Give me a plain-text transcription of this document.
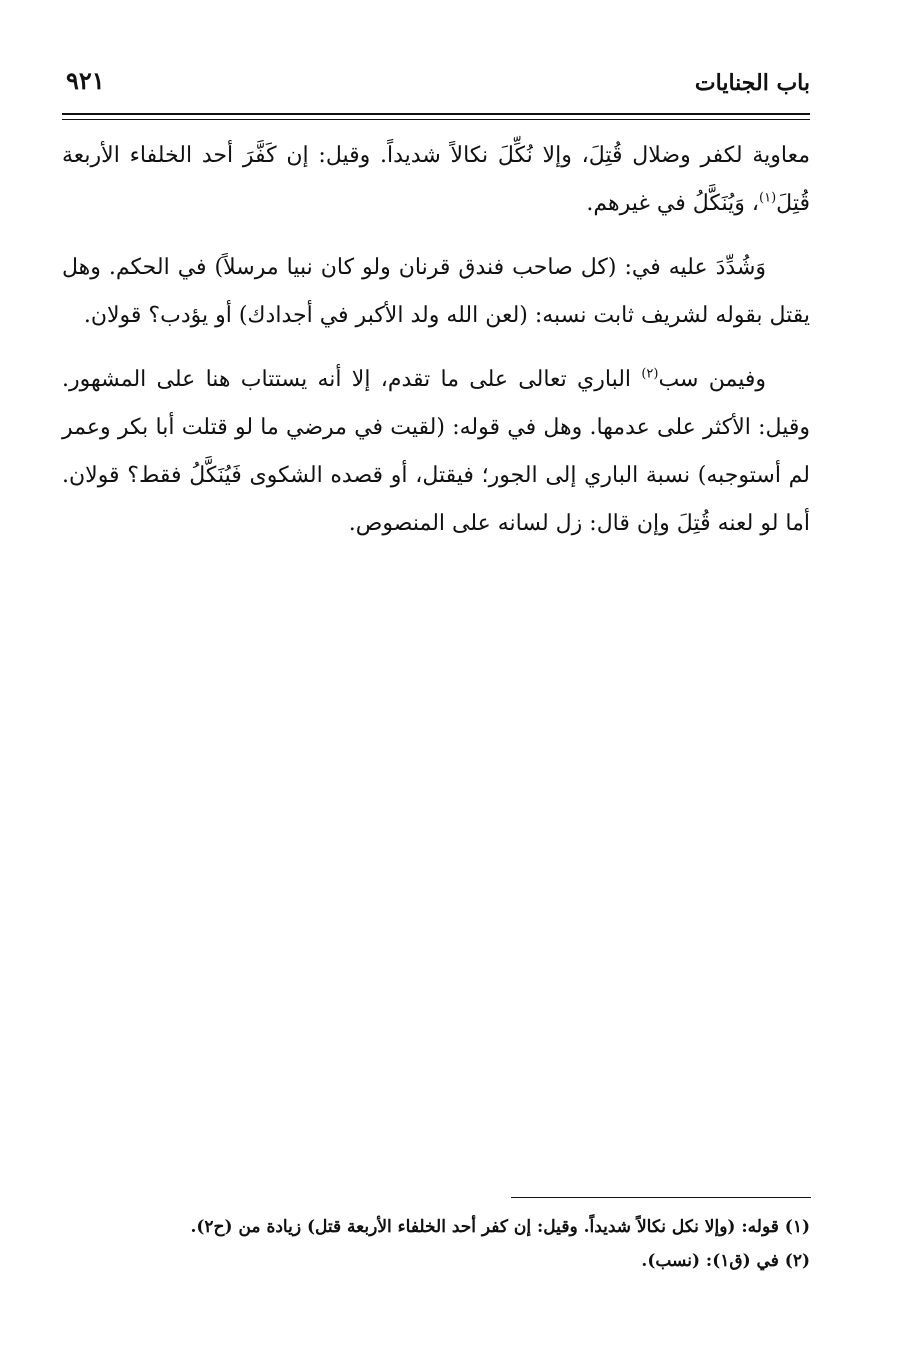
باب الجنايات
٩٢١

معاوية لكفر وضلال قُتِلَ، وإلا نُكِّلَ نكالاً شديداً. وقيل: إن كَفَّرَ أحد الخلفاء الأربعة قُتِلَ$^{(١)}$، وَيُنَكَّلُ في غيرهم.

وَشُدِّدَ عليه في: (كل صاحب فندق قرنان ولو كان نبيا مرسلاً) في الحكم. وهل يقتل بقوله لشريف ثابت نسبه: (لعن الله ولد الأكبر في أجدادك) أو يؤدب؟ قولان.

وفيمن سب$^{(٢)}$ الباري تعالى على ما تقدم، إلا أنه يستتاب هنا على المشهور. وقيل: الأكثر على عدمها. وهل في قوله: (لقيت في مرضي ما لو قتلت أبا بكر وعمر لم أستوجبه) نسبة الباري إلى الجور؛ فيقتل، أو قصده الشكوى فَيُنَكَّلُ فقط؟ قولان. أما لو لعنه قُتِلَ وإن قال: زل لسانه على المنصوص.

(١) قوله: (وإلا نكل نكالاً شديداً. وقيل: إن كفر أحد الخلفاء الأربعة قتل) زيادة من (ح٢).

(٢) في (ق١): (نسب).
